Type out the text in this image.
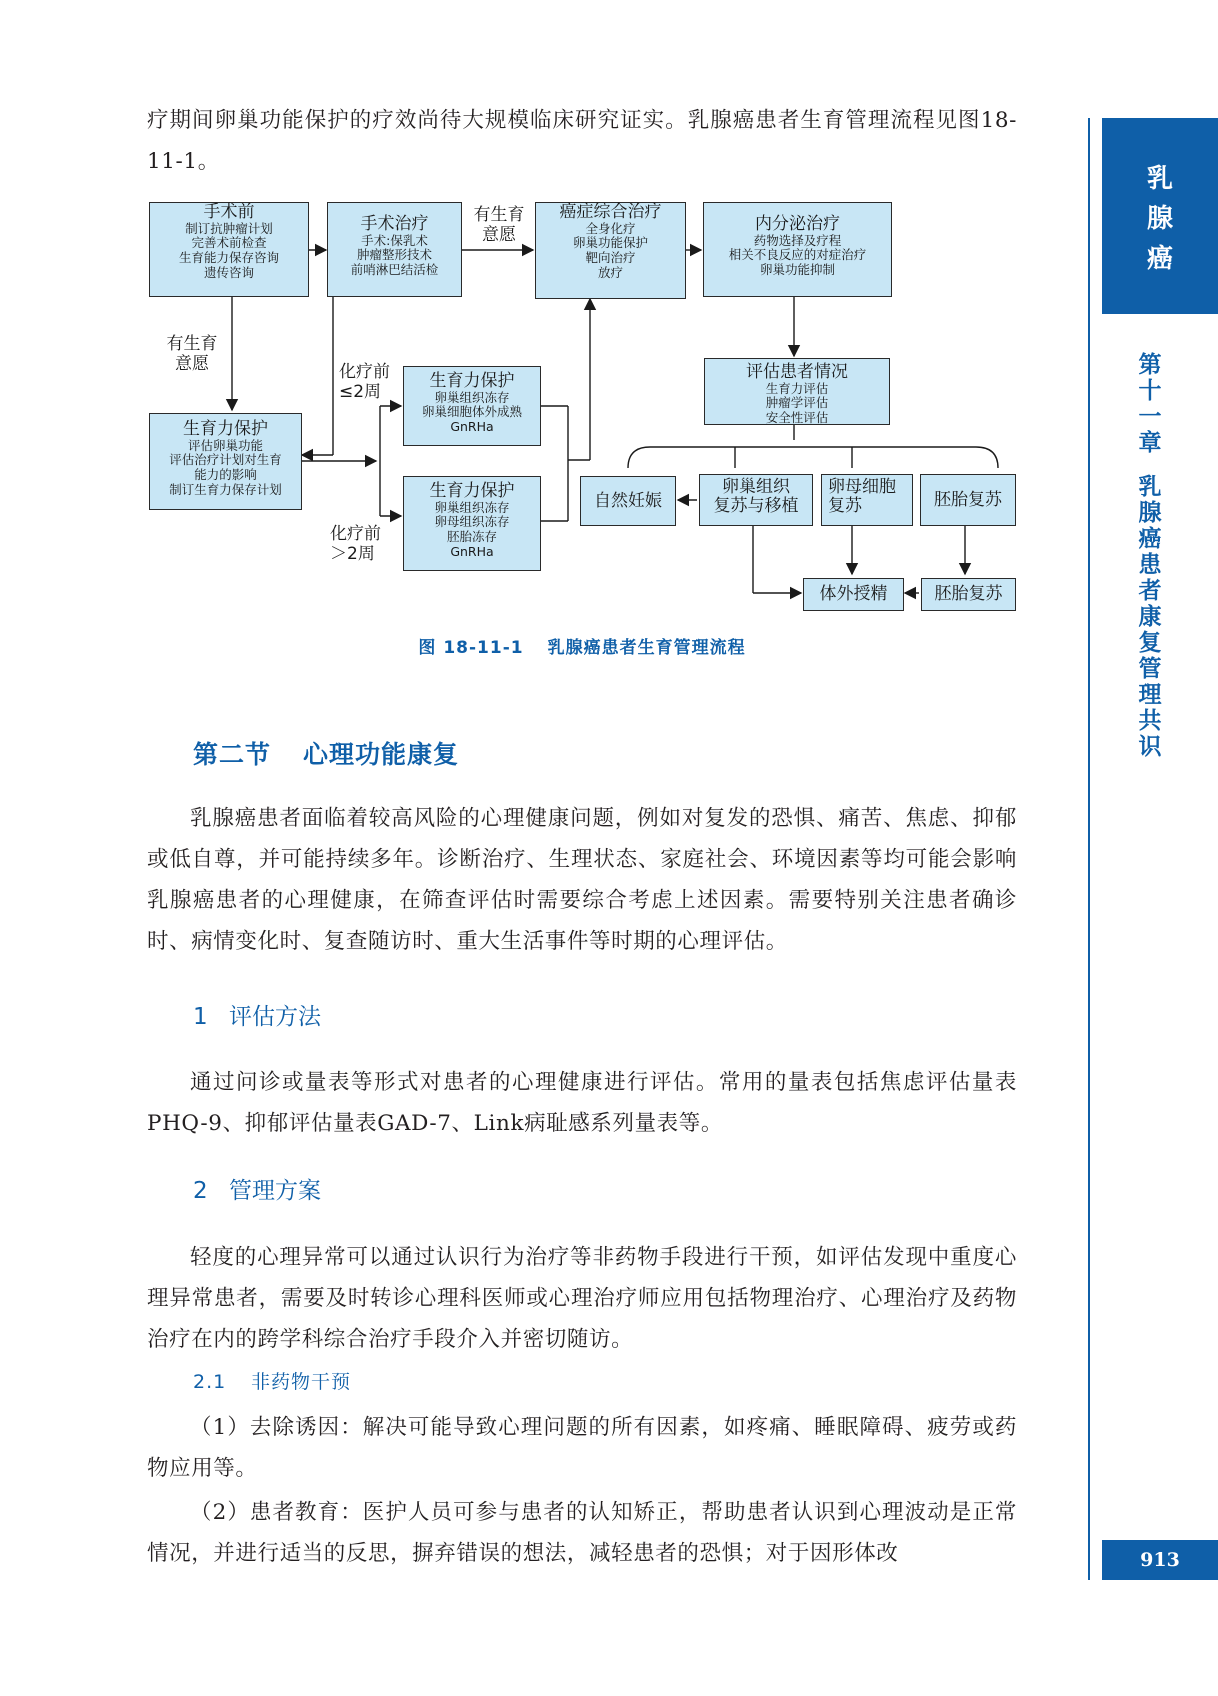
疗期间卵巢功能保护的疗效尚待大规模临床研究证实。乳腺癌患者生育管理流程见图18-11-1。

手术前
制订抗肿瘤计划
完善术前检查
生育能力保存咨询
遗传咨询
手术治疗
手术:保乳术
肿瘤整形技术
前哨淋巴结活检
有生育
意愿
癌症综合治疗
全身化疗
卵巢功能保护
靶向治疗
放疗
内分泌治疗
药物选择及疗程
相关不良反应的对症治疗
卵巢功能抑制
有生育
意愿
生育力保护
评估卵巢功能
评估治疗计划对生育
能力的影响
制订生育力保存计划
化疗前
≤2周
生育力保护
卵巢组织冻存
卵巢细胞体外成熟
GnRHa
生育力保护
卵巢组织冻存
卵母组织冻存
胚胎冻存
GnRHa
化疗前
＞2周
评估患者情况
生育力评估
肿瘤学评估
安全性评估
自然妊娠
卵巢组织
复苏与移植
卵母细胞
复苏	胚胎复苏
体外授精	胚胎复苏
图 18-11-1 乳腺癌患者生育管理流程

第二节 心理功能康复

乳腺癌患者面临着较高风险的心理健康问题，例如对复发的恐惧、痛苦、焦虑、抑郁或低自尊，并可能持续多年。诊断治疗、生理状态、家庭社会、环境因素等均可能会影响乳腺癌患者的心理健康，在筛查评估时需要综合考虑上述因素。需要特别关注患者确诊时、病情变化时、复查随访时、重大生活事件等时期的心理评估。

1 评估方法

通过问诊或量表等形式对患者的心理健康进行评估。常用的量表包括焦虑评估量表PHQ-9、抑郁评估量表GAD-7、Link病耻感系列量表等。

2 管理方案

轻度的心理异常可以通过认识行为治疗等非药物手段进行干预，如评估发现中重度心理异常患者，需要及时转诊心理科医师或心理治疗师应用包括物理治疗、心理治疗及药物治疗在内的跨学科综合治疗手段介入并密切随访。

2.1 非药物干预

（1）去除诱因：解决可能导致心理问题的所有因素，如疼痛、睡眠障碍、疲劳或药物应用等。

（2）患者教育：医护人员可参与患者的认知矫正，帮助患者认识到心理波动是正常情况，并进行适当的反思，摒弃错误的想法，减轻患者的恐惧；对于因形体改

乳
腺
癌
第
十
一
章
乳
腺
癌
患
者
康
复
管
理
共
识
913
